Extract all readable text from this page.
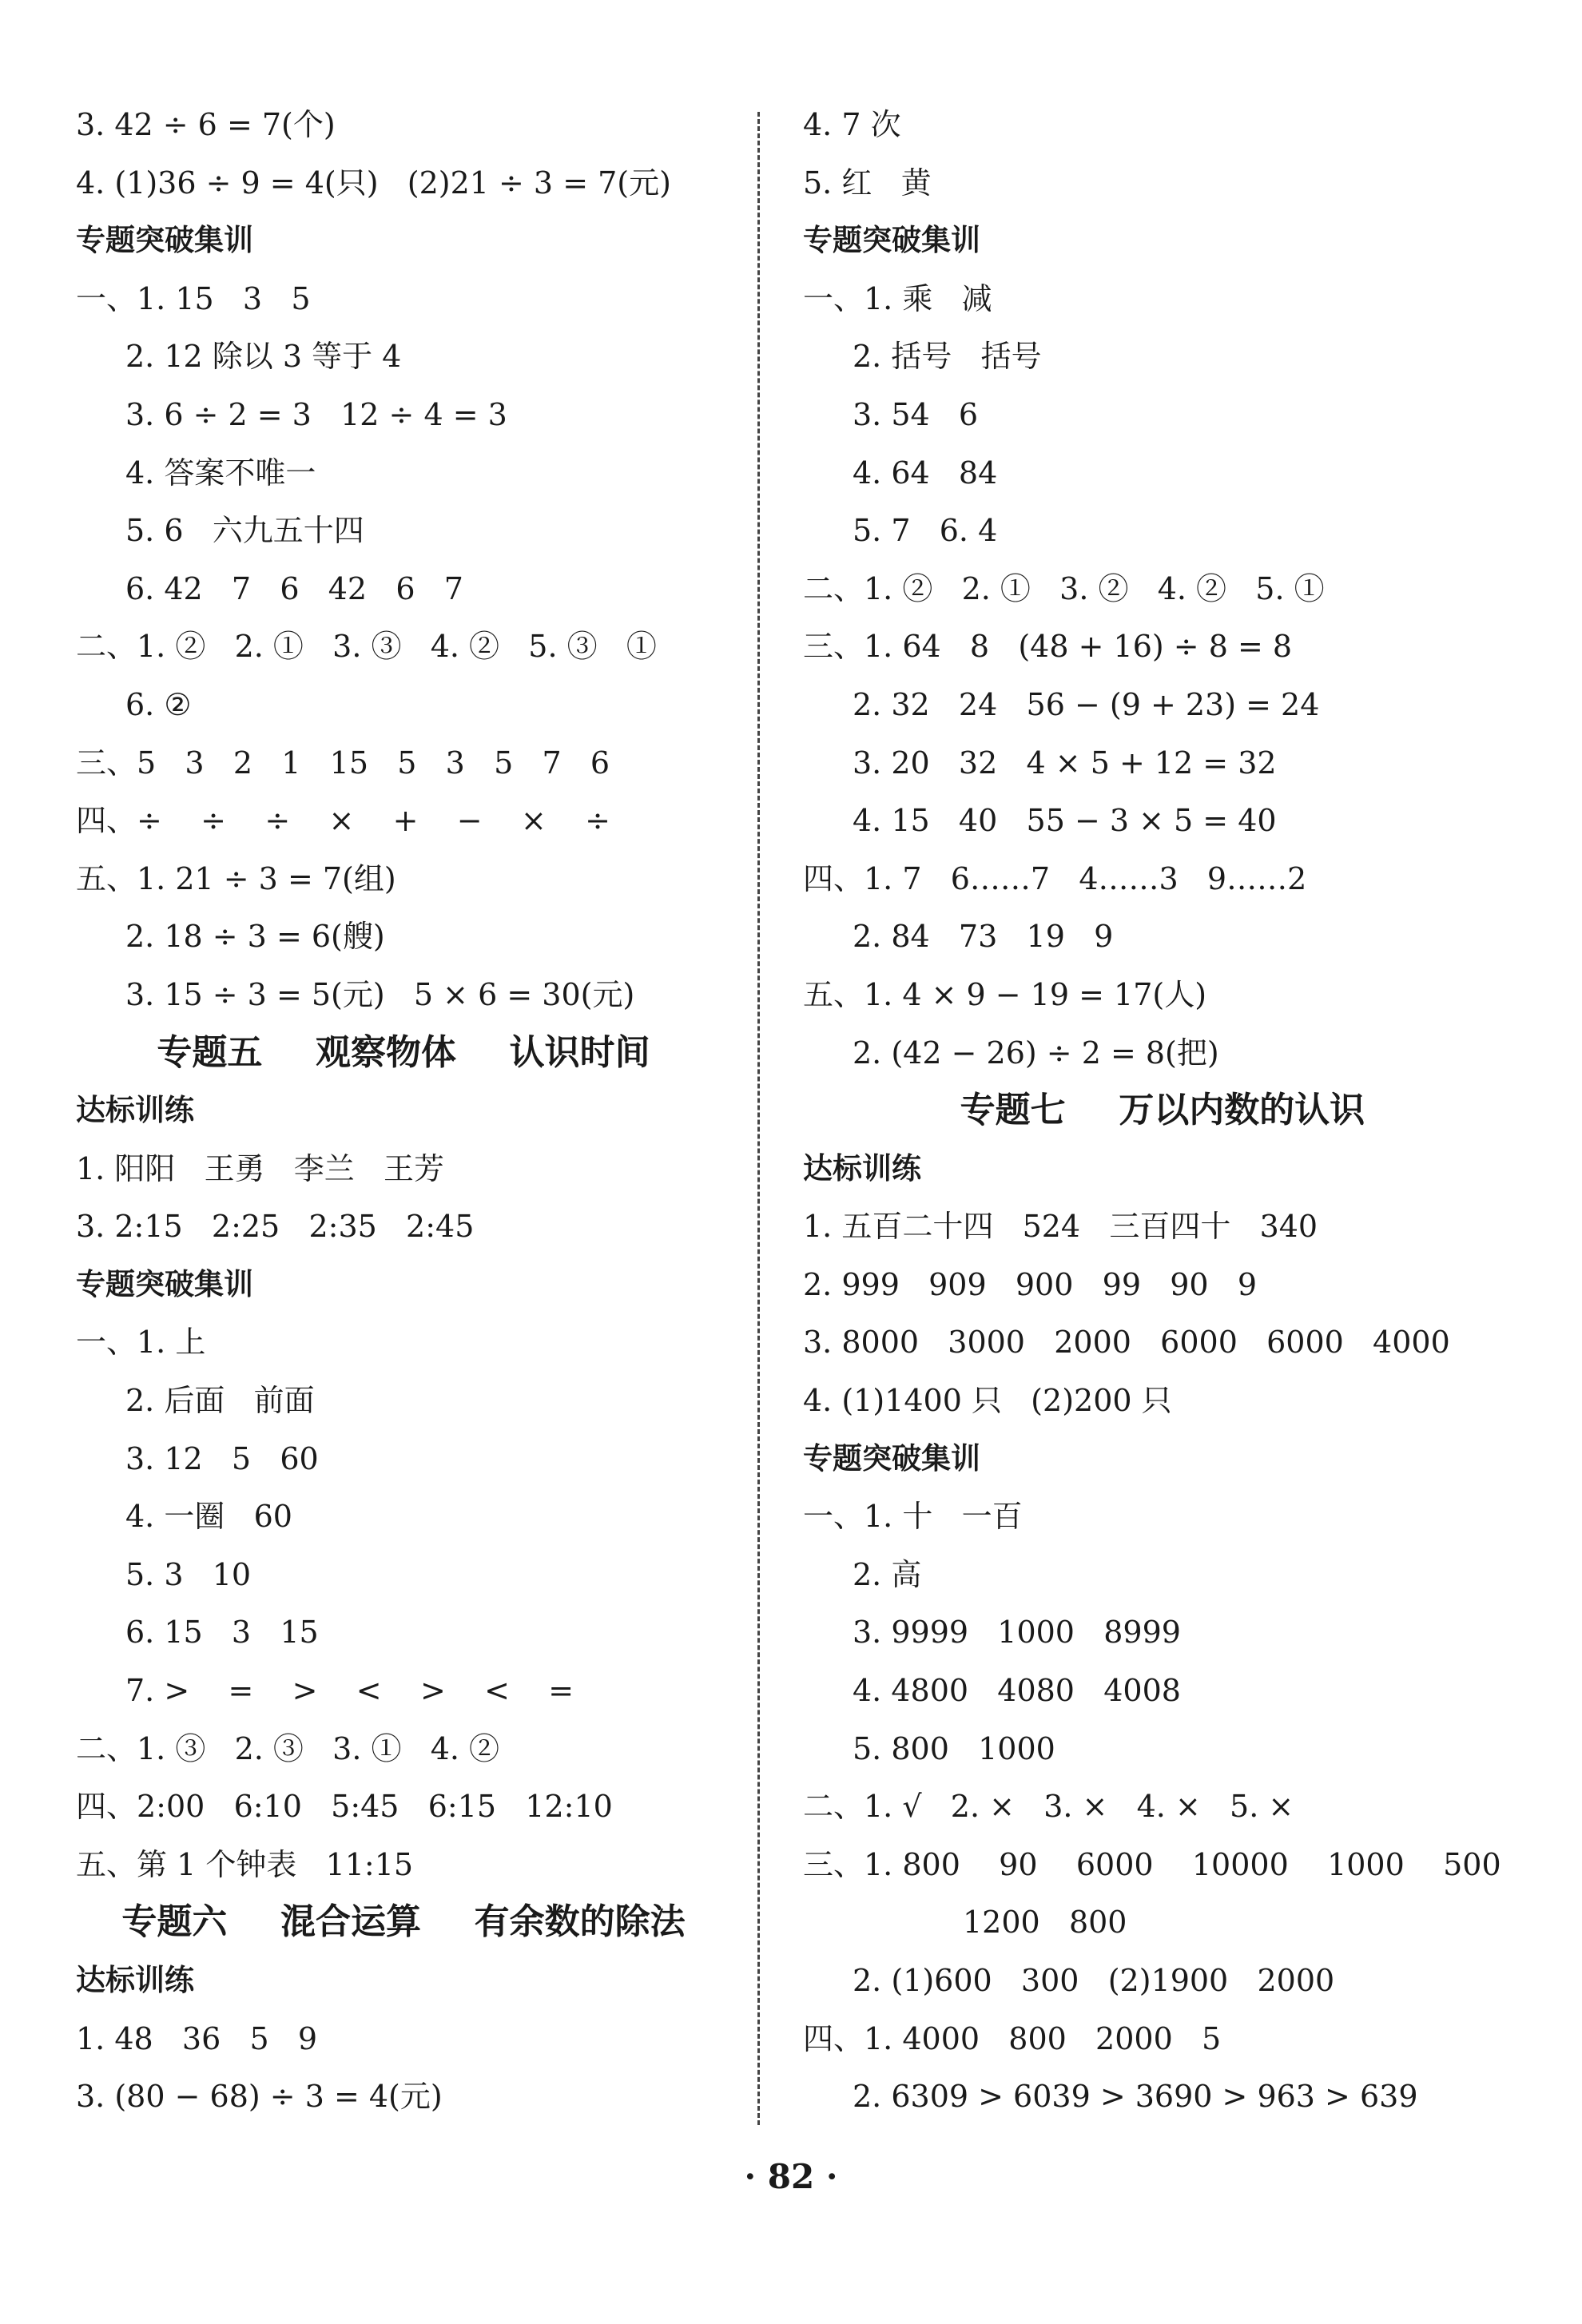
3. 42 ÷ 6 = 7(个)
4. (1)36 ÷ 9 = 4(只)   (2)21 ÷ 3 = 7(元)
专题突破集训
一、1. 15   3   5
2. 12 除以 3 等于 4
3. 6 ÷ 2 = 3   12 ÷ 4 = 3
4. 答案不唯一
5. 6   六九五十四
6. 42   7   6   42   6   7
二、1. ②   2. ①   3. ③   4. ②   5. ③   ①
6. ②
三、5   3   2   1   15   5   3   5   7   6
四、÷    ÷    ÷    ×    +    −    ×    ÷
五、1. 21 ÷ 3 = 7(组)
2. 18 ÷ 3 = 6(艘)
3. 15 ÷ 3 = 5(元)   5 × 6 = 30(元)
专题五  观察物体  认识时间
达标训练
1. 阳阳   王勇   李兰   王芳
3. 2:15   2:25   2:35   2:45
专题突破集训
一、1. 上
2. 后面   前面
3. 12   5   60
4. 一圈   60
5. 3   10
6. 15   3   15
7. >    =    >    <    >    <    =
二、1. ③   2. ③   3. ①   4. ②
四、2:00   6:10   5:45   6:15   12:10
五、第 1 个钟表   11:15
专题六  混合运算  有余数的除法
达标训练
1. 48   36   5   9
3. (80 − 68) ÷ 3 = 4(元)
4. 7 次
5. 红   黄
专题突破集训
一、1. 乘   减
2. 括号   括号
3. 54   6
4. 64   84
5. 7   6. 4
二、1. ②   2. ①   3. ②   4. ②   5. ①
三、1. 64   8   (48 + 16) ÷ 8 = 8
2. 32   24   56 − (9 + 23) = 24
3. 20   32   4 × 5 + 12 = 32
4. 15   40   55 − 3 × 5 = 40
四、1. 7   6……7   4……3   9……2
2. 84   73   19   9
五、1. 4 × 9 − 19 = 17(人)
2. (42 − 26) ÷ 2 = 8(把)
专题七  万以内数的认识
达标训练
1. 五百二十四   524   三百四十   340
2. 999   909   900   99   90   9
3. 8000   3000   2000   6000   6000   4000
4. (1)1400 只   (2)200 只
专题突破集训
一、1. 十   一百
2. 高
3. 9999   1000   8999
4. 4800   4080   4008
5. 800   1000
二、1. √   2. ×   3. ×   4. ×   5. ×
三、1. 800    90    6000    10000    1000    500
1200   800
2. (1)600   300   (2)1900   2000
四、1. 4000   800   2000   5
2. 6309 > 6039 > 3690 > 963 > 639
· 82 ·
